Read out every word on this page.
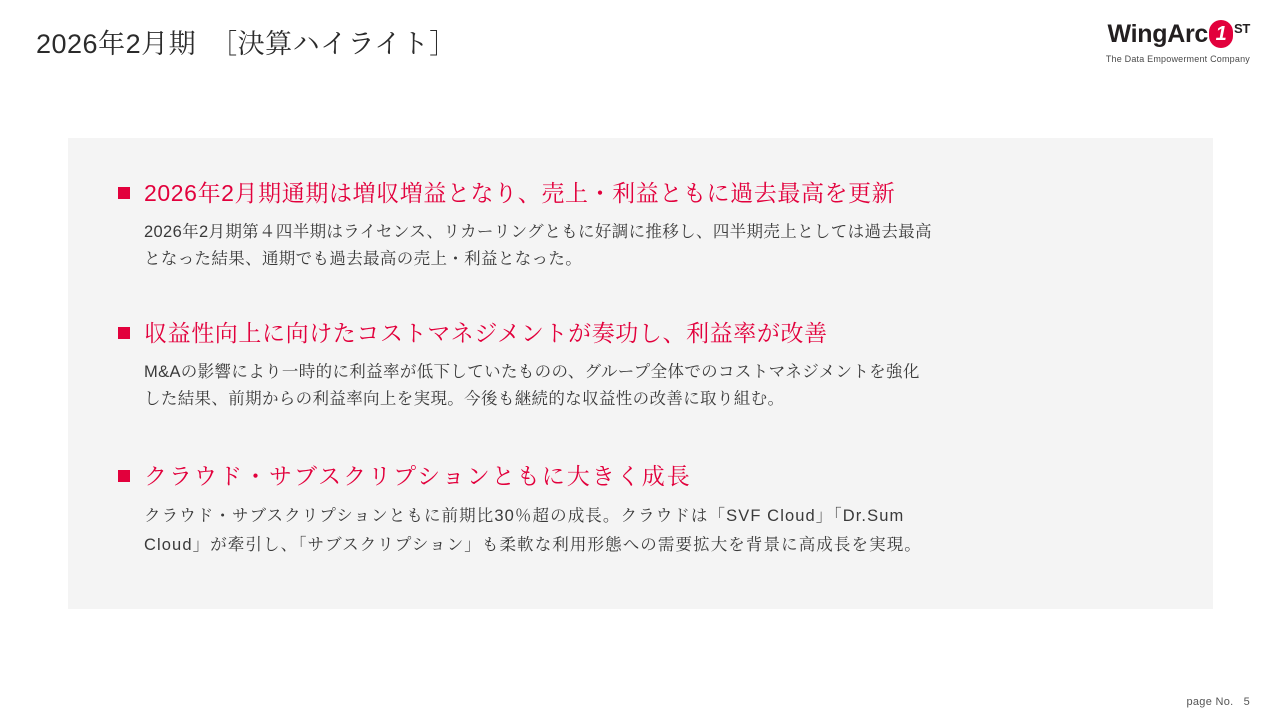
2026年2月期　［決算ハイライト］	WingArc 1 ST
The Data Empowerment Company
2026年2月期通期は増収増益となり、売上・利益ともに過去最高を更新
2026年2月期第４四半期はライセンス、リカーリングともに好調に推移し、四半期売上としては過去最高
となった結果、通期でも過去最高の売上・利益となった。
収益性向上に向けたコストマネジメントが奏功し、利益率が改善
M&Aの影響により一時的に利益率が低下していたものの、グループ全体でのコストマネジメントを強化
した結果、前期からの利益率向上を実現。今後も継続的な収益性の改善に取り組む。
クラウド・サブスクリプションともに大きく成長
クラウド・サブスクリプションともに前期比30％超の成長。クラウドは「SVF Cloud」「Dr.Sum
Cloud」が牽引し、「サブスクリプション」も柔軟な利用形態への需要拡大を背景に高成長を実現。
page No. 5
